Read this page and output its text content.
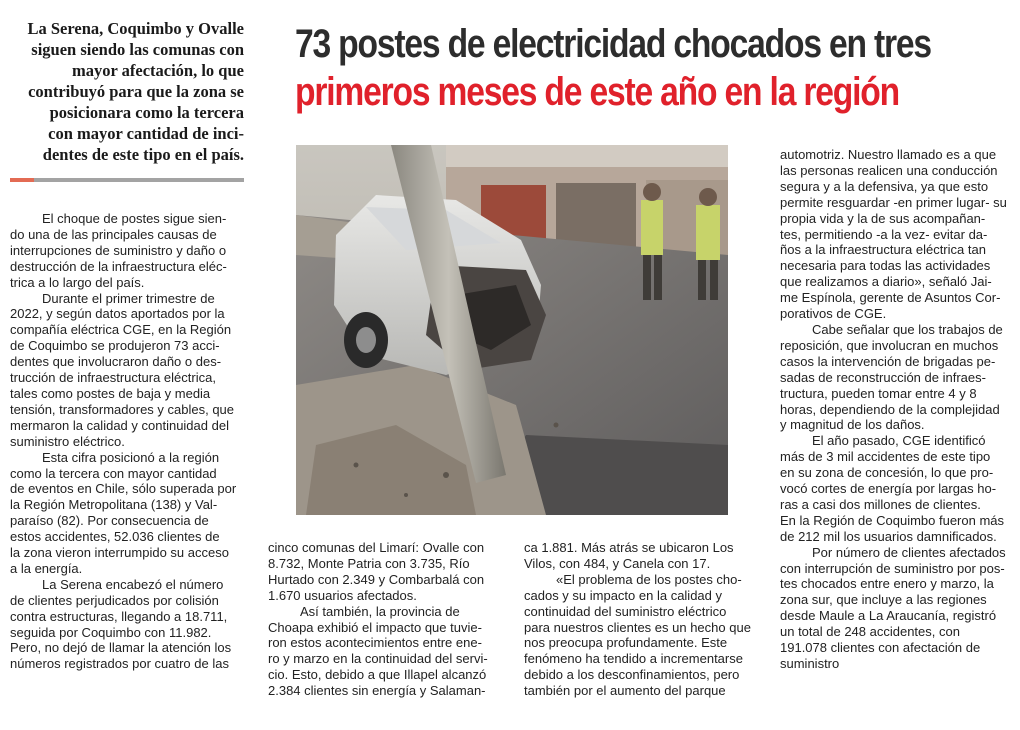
La Serena, Coquimbo y Ovalle
siguen siendo las comunas con
mayor afectación, lo que
contribuyó para que la zona se
posicionara como la tercera
con mayor cantidad de inci-
dentes de este tipo en el país.
73 postes de electricidad chocados en tres
primeros meses de este año en la región
El choque de postes sigue sien-
do una de las principales causas de
interrupciones de suministro y daño o
destrucción de la infraestructura eléc-
trica a lo largo del país.
Durante el primer trimestre de
2022, y según datos aportados por la
compañía eléctrica CGE, en la Región
de Coquimbo se produjeron 73 acci-
dentes que involucraron daño o des-
trucción de infraestructura eléctrica,
tales como postes de baja y media
tensión, transformadores y cables, que
mermaron la calidad y continuidad del
suministro eléctrico.
Esta cifra posicionó a la región
como la tercera con mayor cantidad
de eventos en Chile, sólo superada por
la Región Metropolitana (138) y Val-
paraíso (82). Por consecuencia de
estos accidentes, 52.036 clientes de
la zona vieron interrumpido su acceso
a la energía.
La Serena encabezó el número
de clientes perjudicados por colisión
contra estructuras, llegando a 18.711,
seguida por Coquimbo con 11.982.
Pero, no dejó de llamar la atención los
números registrados por cuatro de las
cinco comunas del Limarí: Ovalle con
8.732, Monte Patria con 3.735, Río
Hurtado con 2.349 y Combarbalá con
1.670 usuarios afectados.
Así también, la provincia de
Choapa exhibió el impacto que tuvie-
ron estos acontecimientos entre ene-
ro y marzo en la continuidad del servi-
cio. Esto, debido a que Illapel alcanzó
2.384 clientes sin energía y Salaman-
ca 1.881. Más atrás se ubicaron Los
Vilos, con 484, y Canela con 17.
«El problema de los postes cho-
cados y su impacto en la calidad y
continuidad del suministro eléctrico
para nuestros clientes es un hecho que
nos preocupa profundamente. Este
fenómeno ha tendido a incrementarse
debido a los desconfinamientos, pero
también por el aumento del parque
automotriz. Nuestro llamado es a que
las personas realicen una conducción
segura y a la defensiva, ya que esto
permite resguardar -en primer lugar- su
propia vida y la de sus acompañan-
tes, permitiendo -a la vez- evitar da-
ños a la infraestructura eléctrica tan
necesaria para todas las actividades
que realizamos a diario», señaló Jai-
me Espínola, gerente de Asuntos Cor-
porativos de CGE.
Cabe señalar que los trabajos de
reposición, que involucran en muchos
casos la intervención de brigadas pe-
sadas de reconstrucción de infraes-
tructura, pueden tomar entre 4 y 8
horas, dependiendo de la complejidad
y magnitud de los daños.
El año pasado, CGE identificó
más de 3 mil accidentes de este tipo
en su zona de concesión, lo que pro-
vocó cortes de energía por largas ho-
ras a casi dos millones de clientes.
En la Región de Coquimbo fueron más
de 212 mil los usuarios damnificados.
Por número de clientes afectados
con interrupción de suministro por pos-
tes chocados entre enero y marzo, la
zona sur, que incluye a las regiones
desde Maule a La Araucanía, registró
un total de 248 accidentes, con
191.078 clientes con afectación de
suministro
